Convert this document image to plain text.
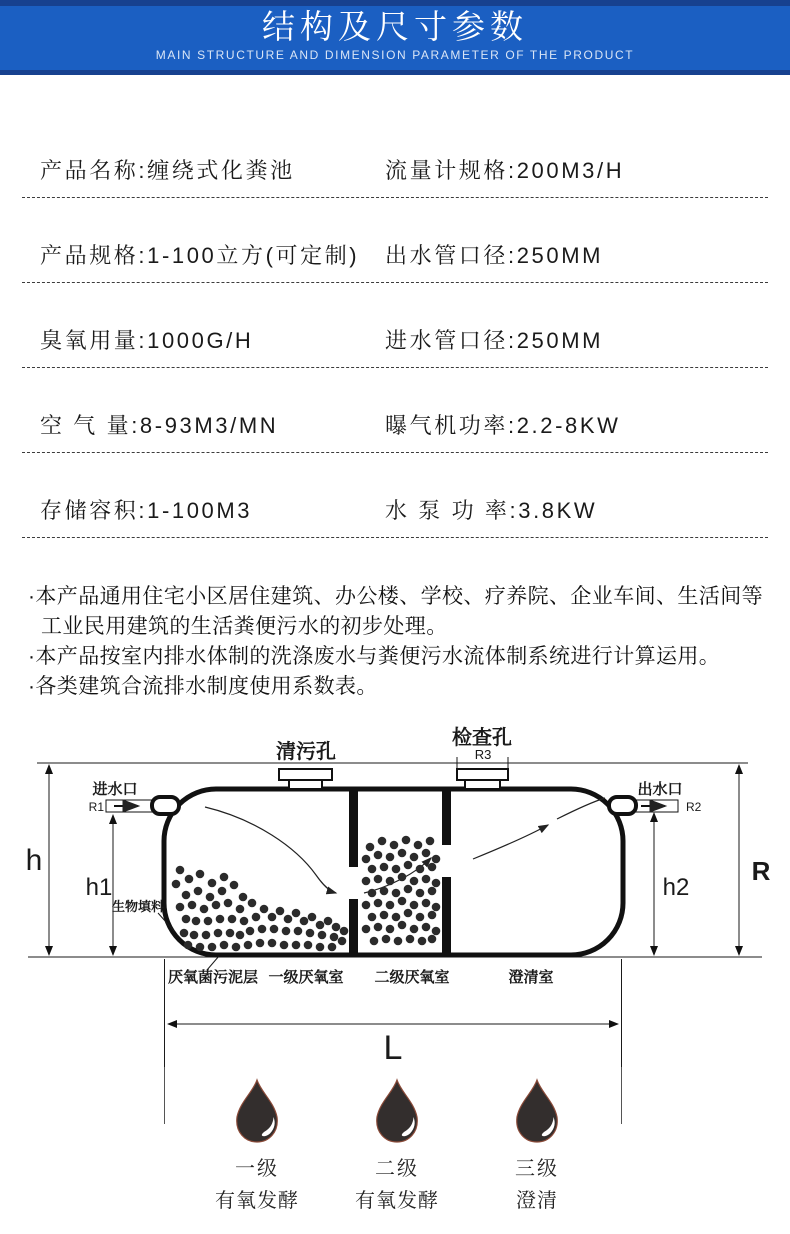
结构及尺寸参数
MAIN STRUCTURE AND DIMENSION PARAMETER OF THE PRODUCT
产品名称:缠绕式化粪池	流量计规格:200M3/H
产品规格:1-100立方(可定制)	出水管口径:250MM
臭氧用量:1000G/H	进水管口径:250MM
空 气 量:8-93M3/MN	曝气机功率:2.2-8KW
存储容积:1-100M3	水 泵 功 率:3.8KW
·本产品通用住宅小区居住建筑、办公楼、学校、疗养院、企业车间、生活间等工业民用建筑的生活粪便污水的初步处理。
·本产品按室内排水体制的洗涤废水与粪便污水流体制系统进行计算运用。
·各类建筑合流排水制度使用系数表。
h
h1	h2
R
L
R3
清污孔
检查孔
进水口
R1
出水口
R2
生物填料
厌氧菌污泥层 一级厌氧室 二级厌氧室	澄清室
一级
有氧发酵
二级
有氧发酵
三级
澄清
